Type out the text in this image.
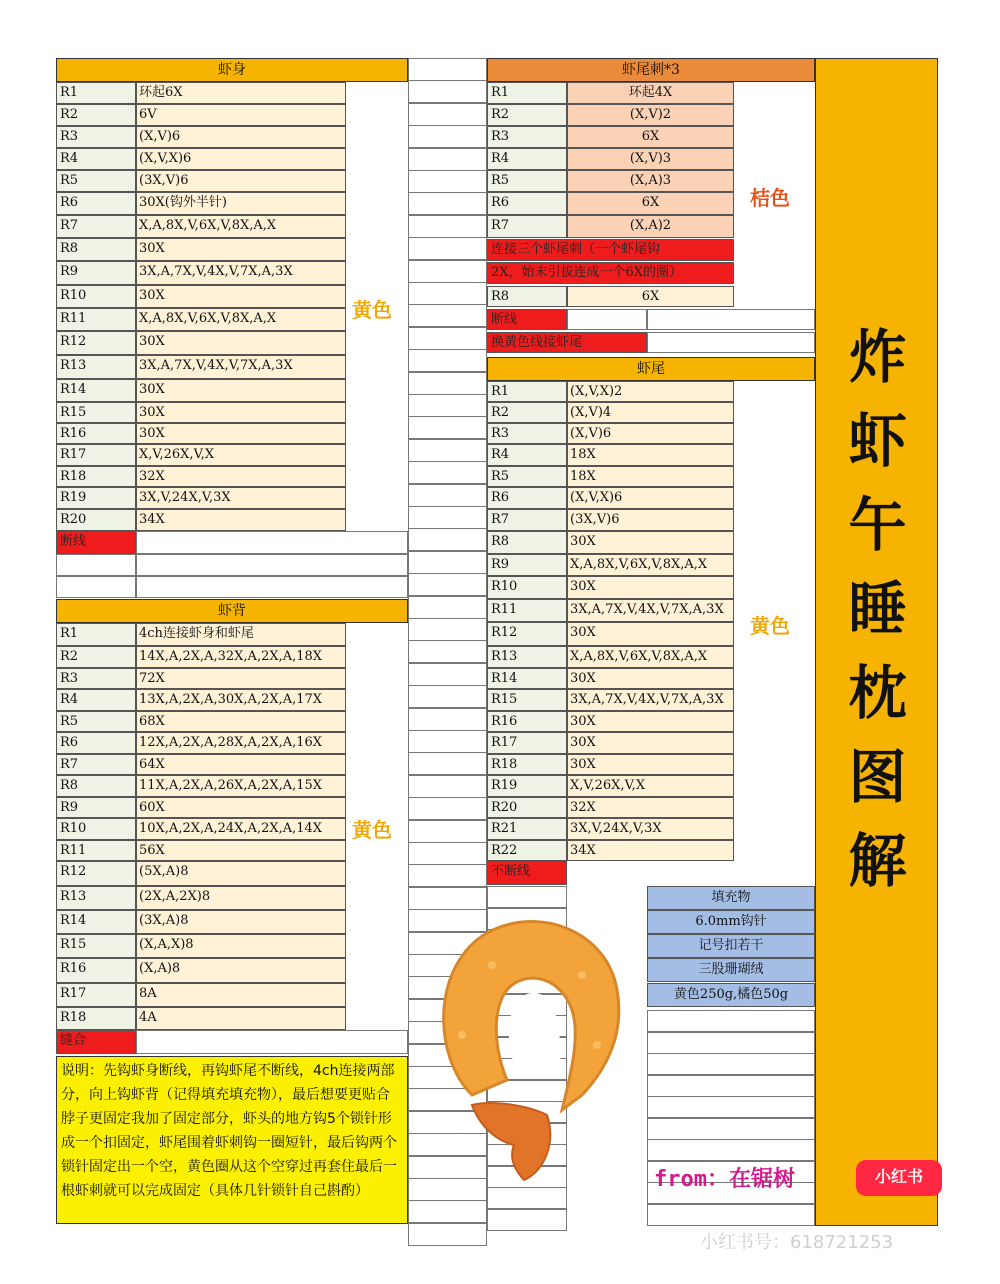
虾身
R1	环起6X
R2	6V
R3	(X,V)6
R4	(X,V,X)6
R5	(3X,V)6
R6	30X(钩外半针)
R7	X,A,8X,V,6X,V,8X,A,X
R8	30X
R9	3X,A,7X,V,4X,V,7X,A,3X
R10	30X
R11	X,A,8X,V,6X,V,8X,A,X
R12	30X
R13	3X,A,7X,V,4X,V,7X,A,3X
R14	30X
R15	30X
R16	30X
R17	X,V,26X,V,X
R18	32X
R19	3X,V,24X,V,3X
R20	34X
断线
黄色
虾背
R1	4ch连接虾身和虾尾
R2	14X,A,2X,A,32X,A,2X,A,18X
R3	72X
R4	13X,A,2X,A,30X,A,2X,A,17X
R5	68X
R6	12X,A,2X,A,28X,A,2X,A,16X
R7	64X
R8	11X,A,2X,A,26X,A,2X,A,15X
R9	60X
R10	10X,A,2X,A,24X,A,2X,A,14X
R11	56X
R12	(5X,A)8
R13	(2X,A,2X)8
R14	(3X,A)8
R15	(X,A,X)8
R16	(X,A)8
R17	8A
R18	4A
缝合
黄色
说明：先钩虾身断线，再钩虾尾不断线，4ch连接两部分，向上钩虾背（记得填充填充物），最后想要更贴合脖子更固定我加了固定部分，虾头的地方钩5个锁针形成一个扣固定，虾尾围着虾刺钩一圈短针，最后钩两个锁针固定出一个空，黄色圈从这个空穿过再套住最后一根虾刺就可以完成固定（具体几针锁针自己斟酌）
虾尾刺*3
R1	环起4X
R2	(X,V)2
R3	6X
R4	(X,V)3
R5	(X,A)3
R6	6X
R7	(X,A)2
桔色
连接三个虾尾刺（一个虾尾钩
2X，始末引拔连成一个6X的圈）
R8	6X
断线
换黄色线接虾尾
虾尾
R1	(X,V,X)2
R2	(X,V)4
R3	(X,V)6
R4	18X
R5	18X
R6	(X,V,X)6
R7	(3X,V)6
R8	30X
R9	X,A,8X,V,6X,V,8X,A,X
R10	30X
R11	3X,A,7X,V,4X,V,7X,A,3X
R12	30X
R13	X,A,8X,V,6X,V,8X,A,X
R14	30X
R15	3X,A,7X,V,4X,V,7X,A,3X
R16	30X
R17	30X
R18	30X
R19	X,V,26X,V,X
R20	32X
R21	3X,V,24X,V,3X
R22	34X
不断线
黄色
填充物
6.0mm钩针
记号扣若干
三股珊瑚绒
黄色250g,橘色50g
炸
虾
午
睡
枕
图
解
from：在锯树	小红书
小红书号：618721253
